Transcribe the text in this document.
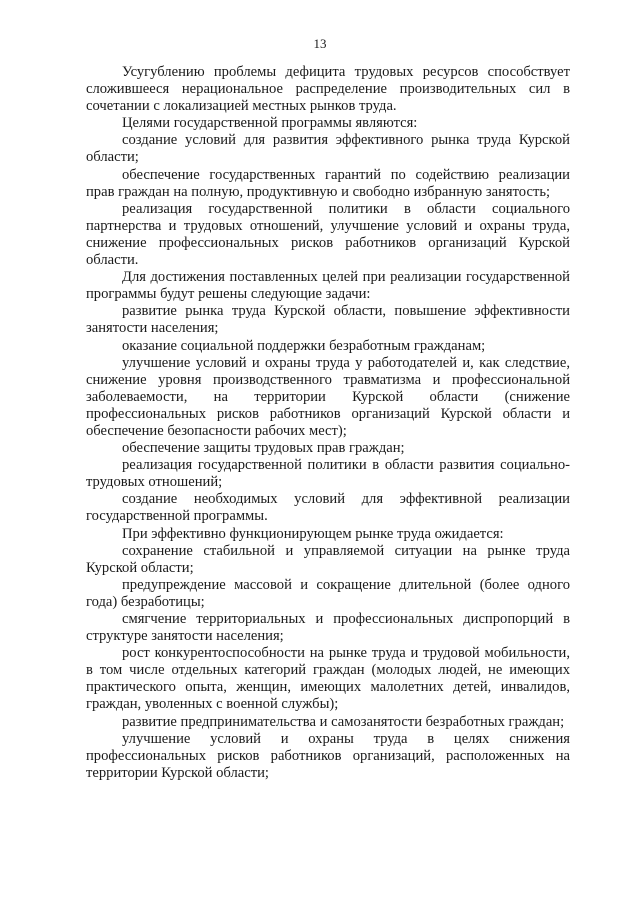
13

Усугублению проблемы дефицита трудовых ресурсов способствует сложившееся нерациональное распределение производительных сил в сочетании с локализацией местных рынков труда.

Целями государственной программы являются:

создание условий для развития эффективного рынка труда Курской области;

обеспечение государственных гарантий по содействию реализации прав граждан на полную, продуктивную и свободно избранную занятость;

реализация государственной политики в области социального партнерства и трудовых отношений, улучшение условий и охраны труда, снижение профессиональных рисков работников организаций Курской области.

Для достижения поставленных целей при реализации государственной программы будут решены следующие задачи:

развитие рынка труда Курской области, повышение эффективности занятости населения;

оказание социальной поддержки безработным гражданам;

улучшение условий и охраны труда у работодателей и, как следствие, снижение уровня производственного травматизма и профессиональной заболеваемости, на территории Курской области (снижение профессиональных рисков работников организаций Курской области и обеспечение безопасности рабочих мест);

обеспечение защиты трудовых прав граждан;

реализация государственной политики в области развития социально-трудовых отношений;

создание необходимых условий для эффективной реализации государственной программы.

При эффективно функционирующем рынке труда ожидается:

сохранение стабильной и управляемой ситуации на рынке труда Курской области;

предупреждение массовой и сокращение длительной (более одного года) безработицы;

смягчение территориальных и профессиональных диспропорций в структуре занятости населения;

рост конкурентоспособности на рынке труда и трудовой мобильности, в том числе отдельных категорий граждан (молодых людей, не имеющих практического опыта, женщин, имеющих малолетних детей, инвалидов, граждан, уволенных с военной службы);

развитие предпринимательства и самозанятости безработных граждан;

улучшение условий и охраны труда в целях снижения профессиональных рисков работников организаций, расположенных на территории Курской области;
